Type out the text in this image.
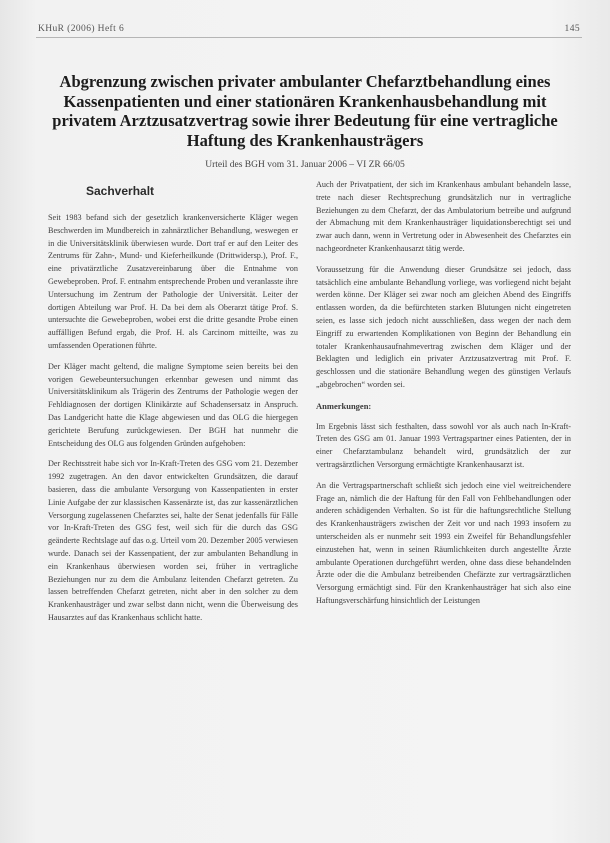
KHuR (2006) Heft 6	145
Abgrenzung zwischen privater ambulanter Chefarztbehandlung eines Kassenpatienten und einer stationären Krankenhausbehandlung mit privatem Arztzusatzvertrag sowie ihrer Bedeutung für eine vertragliche Haftung des Krankenhausträgers
Urteil des BGH vom 31. Januar 2006 – VI ZR 66/05
Sachverhalt

Seit 1983 befand sich der gesetzlich krankenversicherte Kläger wegen Beschwerden im Mundbereich in zahnärztlicher Behandlung, weswegen er in die Universitätsklinik überwiesen wurde. Dort traf er auf den Leiter des Zentrums für Zahn-, Mund- und Kieferheilkunde (Drittwidersp.), Prof. F., eine privatärztliche Zusatzvereinbarung über die Entnahme von Gewebeproben. Prof. F. entnahm entsprechende Proben und veranlasste ihre Untersuchung im Zentrum der Pathologie der Universität. Leiter der dortigen Abteilung war Prof. H. Da bei dem als Oberarzt tätige Prof. S. untersuchte die Gewebeproben, wobei erst die dritte gesandte Probe einen auffälligen Befund ergab, die Prof. H. als Carcinom mitteilte, was zu umfassenden Operationen führte.

Der Kläger macht geltend, die maligne Symptome seien bereits bei den vorigen Gewebeuntersuchungen erkennbar gewesen und nimmt das Universitätsklinikum als Trägerin des Zentrums der Pathologie wegen der Fehldiagnosen der dortigen Klinikärzte auf Schadensersatz in Anspruch. Das Landgericht hatte die Klage abgewiesen und das OLG die hiergegen gerichtete Berufung zurückgewiesen. Der BGH hat nunmehr die Entscheidung des OLG aus folgenden Gründen aufgehoben:

Der Rechtsstreit habe sich vor In-Kraft-Treten des GSG vom 21. Dezember 1992 zugetragen. An den davor entwickelten Grundsätzen, die darauf basieren, dass die ambulante Versorgung von Kassenpatienten in erster Linie Aufgabe der zur klassischen Kassenärzte ist, das zur kassenärztlichen Versorgung zugelassenen Chefarztes sei, halte der Senat jedenfalls für Fälle vor In-Kraft-Treten des GSG fest, weil sich für die durch das GSG geänderte Rechtslage auf das o.g. Urteil vom 20. Dezember 2005 verwiesen wurde. Danach sei der Kassenpatient, der zur ambulanten Behandlung in ein Krankenhaus überwiesen worden sei, früher in vertragliche Beziehungen nur zu dem die Ambulanz leitenden Chefarzt getreten. Zu lassen betreffenden Chefarzt getreten, nicht aber in den solcher zu dem Krankenhausträger und zwar selbst dann nicht, wenn die Überweisung des Hausarztes auf das Krankenhaus schlicht hatte.

Auch der Privatpatient, der sich im Krankenhaus ambulant behandeln lasse, trete nach dieser Rechtsprechung grundsätzlich nur in vertragliche Beziehungen zu dem Chefarzt, der das Ambulatorium betreibe und aufgrund der Abmachung mit dem Krankenhausträger liquidationsberechtigt sei und zwar auch dann, wenn in Vertretung oder in Abwesenheit des Chefarztes ein nachgeordneter Krankenhausarzt tätig werde.

Voraussetzung für die Anwendung dieser Grundsätze sei jedoch, dass tatsächlich eine ambulante Behandlung vorliege, was vorliegend nicht bejaht werden könne. Der Kläger sei zwar noch am gleichen Abend des Eingriffs entlassen worden, da die befürchteten starken Blutungen nicht eingetreten seien, es lasse sich jedoch nicht ausschließen, dass wegen der nach dem Eingriff zu erwartenden Komplikationen von Beginn der Behandlung ein totaler Krankenhausaufnahmevertrag zwischen dem Kläger und der Beklagten und lediglich ein privater Arztzusatzvertrag mit Prof. F. geschlossen und die stationäre Behandlung wegen des günstigen Verlaufs „abgebrochen“ worden sei.

Anmerkungen:

Im Ergebnis lässt sich festhalten, dass sowohl vor als auch nach In-Kraft-Treten des GSG am 01. Januar 1993 Vertragspartner eines Patienten, der in einer Chefarztambulanz behandelt wird, grundsätzlich der zur vertragsärztlichen Versorgung ermächtigte Krankenhausarzt ist.

An die Vertragspartnerschaft schließt sich jedoch eine viel weitreichendere Frage an, nämlich die der Haftung für den Fall von Fehlbehandlungen oder anderen schädigenden Verhalten. So ist für die haftungsrechtliche Stellung des Krankenhausträgers zwischen der Zeit vor und nach 1993 insofern zu unterscheiden als er nunmehr seit 1993 ein Zweifel für Behandlungsfehler einzustehen hat, wenn in seinen Räumlichkeiten durch angestellte Ärzte ambulante Operationen durchgeführt werden, ohne dass diese behandelnden Ärzte oder die die Ambulanz betreibenden Chefärzte zur vertragsärztlichen Versorgung ermächtigt sind. Für den Krankenhausträger hat sich also eine Haftungsverschärfung hinsichtlich der Leistungen
